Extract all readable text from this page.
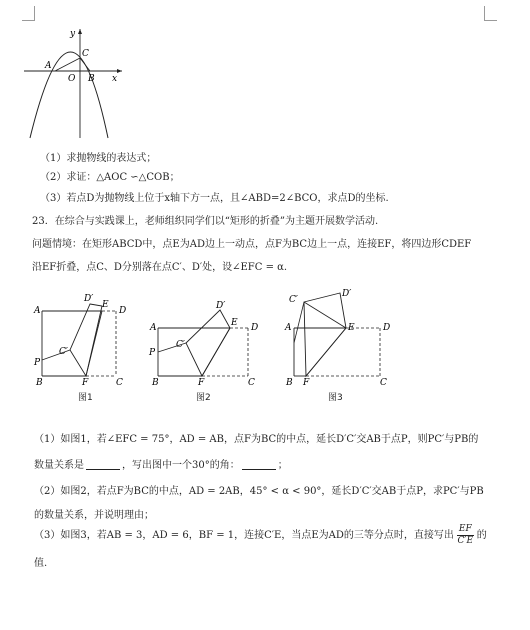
y
C
A
O B x
（1）求抛物线的表达式；
（2）求证：△AOC ∽△COB；
（3）若点D为抛物线上位于x轴下方一点，且∠ABD=2∠BCO，求点D的坐标.
23．在综合与实践课上，老师组织同学们以“矩形的折叠”为主题开展数学活动.
问题情境：在矩形ABCD中，点E为AD边上一动点，点F为BC边上一点，连接EF，将四边形CDEF
沿EF折叠，点C、D分别落在点C′、D′处，设∠EFC = α.
D′
E
A	D
C′
P
B	F	C
图1
D′
E
A	D
C′
P
B	F	C
图2
C′
D′
A	E	D
B F	C
图3
（1）如图1，若∠EFC = 75°，AD = AB，点F为BC的中点，延长D′C′交AB于点P，则PC′与PB的
数量关系是	，写出图中一个30°的角：	；
（2）如图2，若点F为BC的中点，AD = 2AB，45° < α < 90°，延长D′C′交AB于点P，求PC′与PB
的数量关系，并说明理由；
（3）如图3，若AB = 3，AD = 6，BF = 1，连接C′E，当点E为AD的三等分点时，直接写出 $\frac{EF}{C'E}$ 的
值.
